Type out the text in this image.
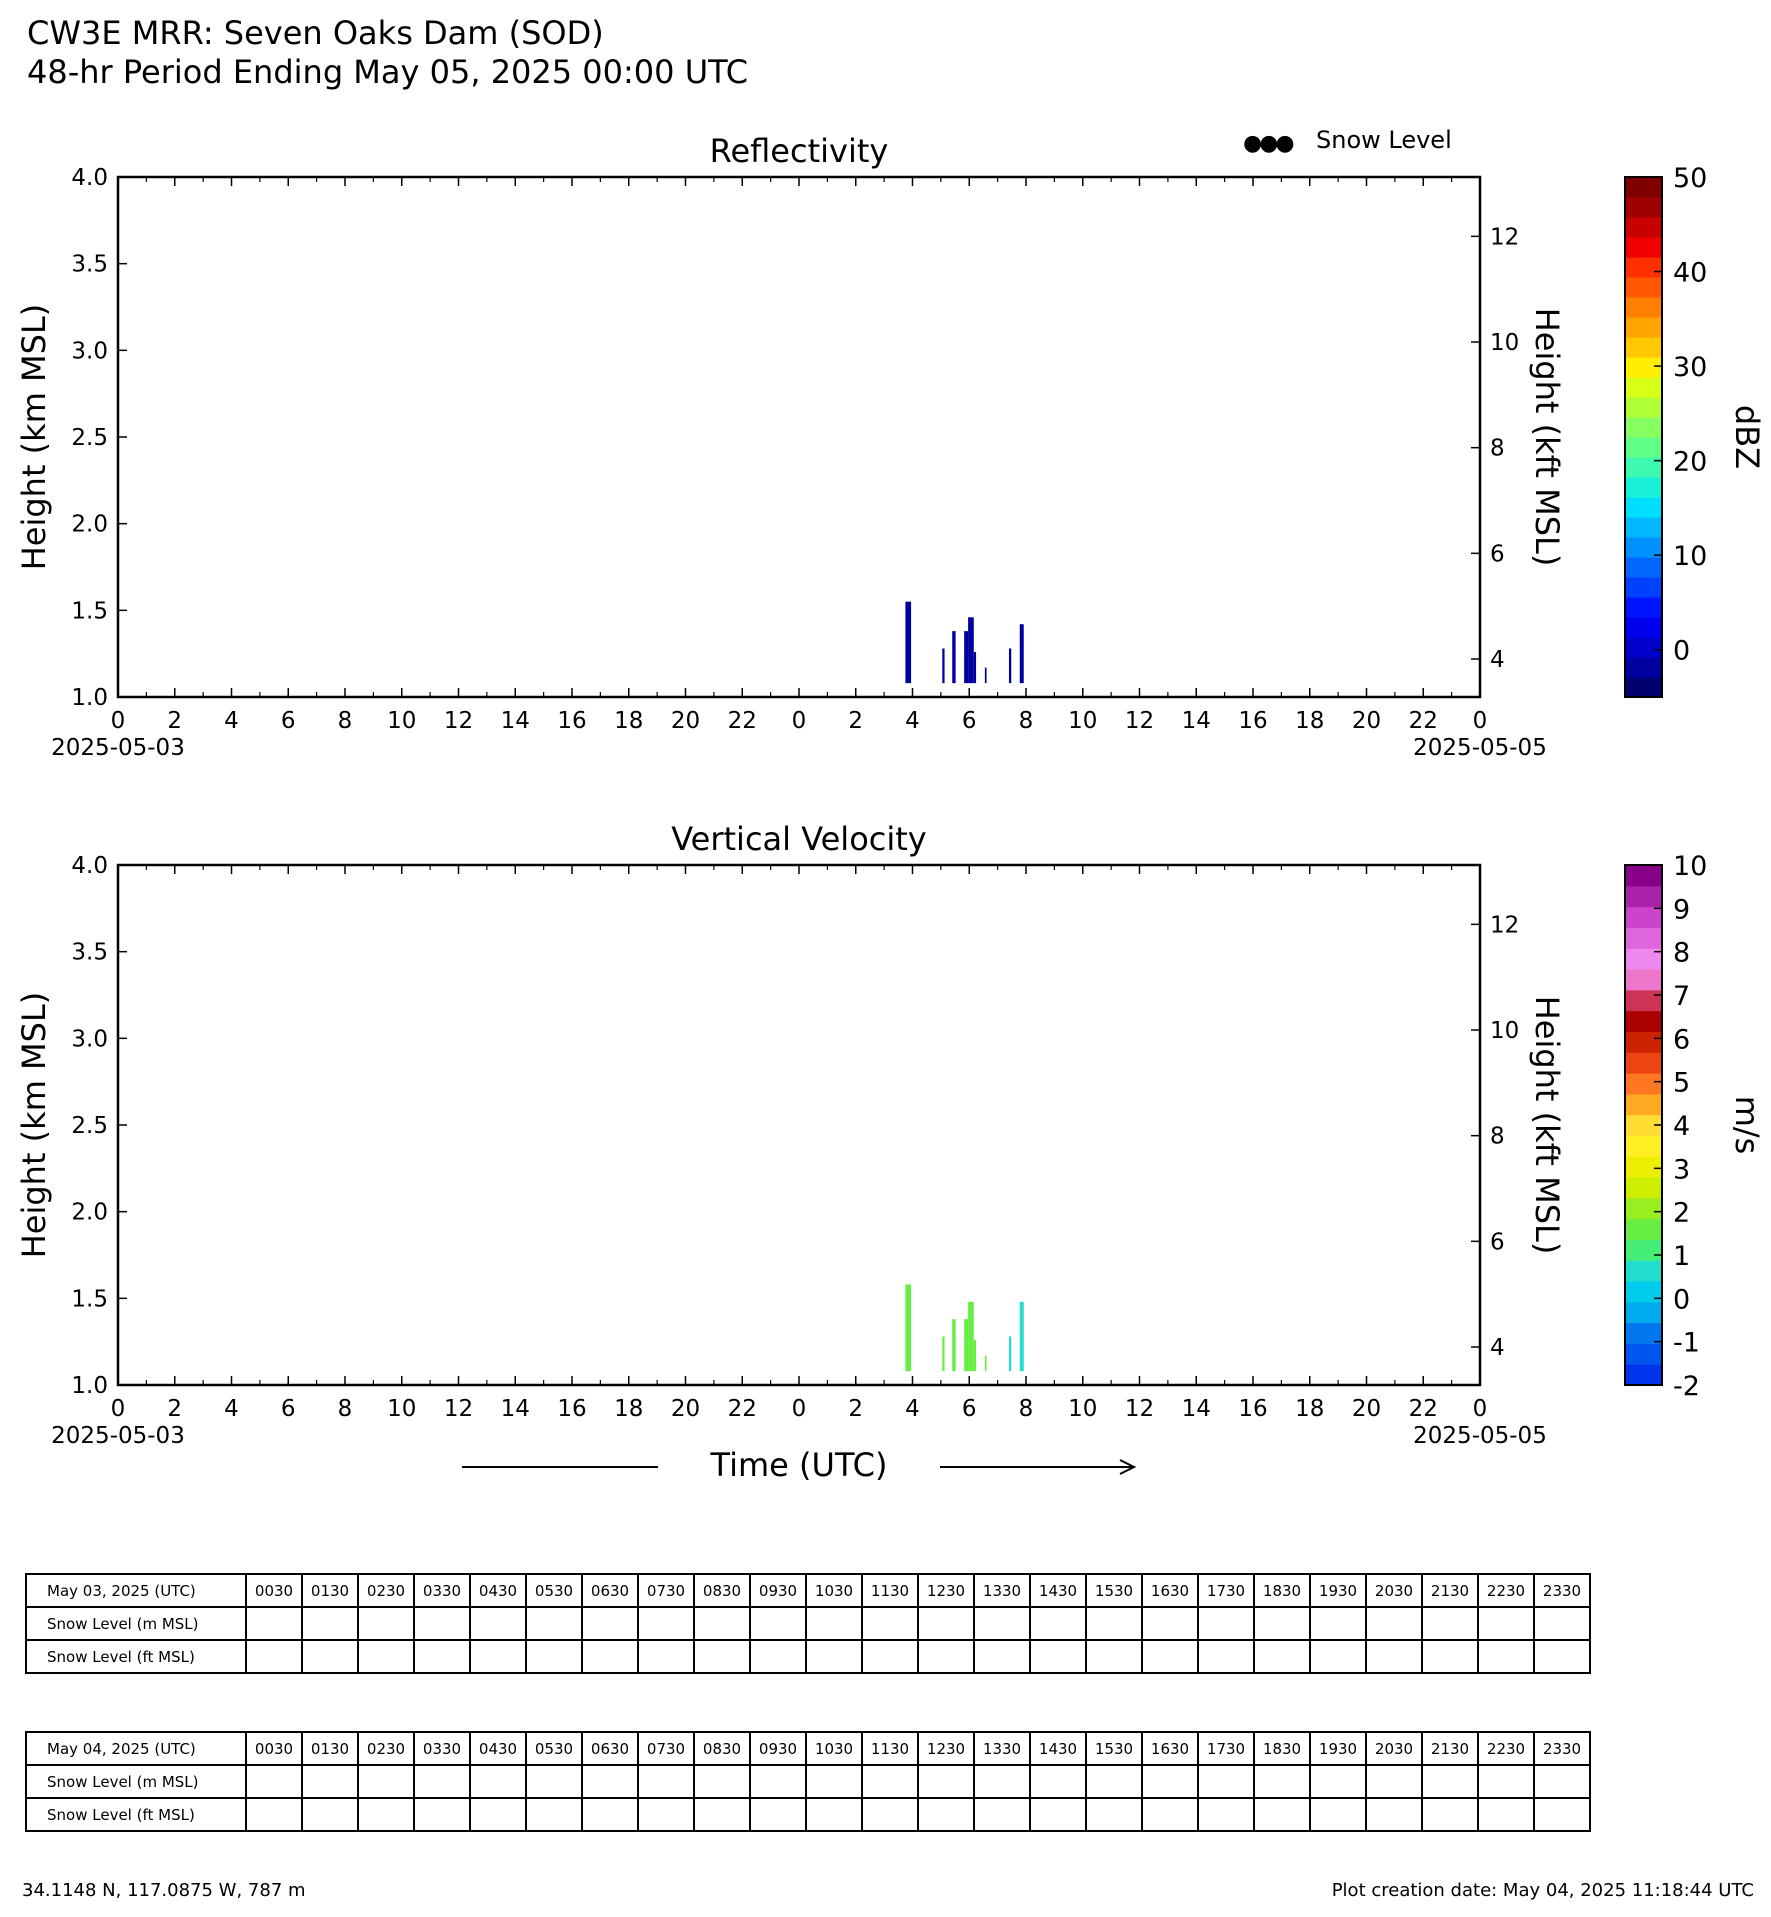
CW3E MRR: Seven Oaks Dam (SOD)
48-hr Period Ending May 05, 2025 00:00 UTC
Reflectivity
1.0
1.5
2.0
2.5
3.0
3.5
4.0
4
6
8
10
12
0 2 4 6 8 10 12 14 16 18 20 22 0 2 4 6 8 10 12 14 16 18 20 22 0
2025-05-03	2025-05-05
Height (km MSL)	Height (kft MSL)
0
10
20
30
40
50
dBZ
Vertical Velocity
1.0
1.5
2.0
2.5
3.0
3.5
4.0
4
6
8
10
12
0 2 4 6 8 10 12 14 16 18 20 22 0 2 4 6 8 10 12 14 16 18 20 22 0
2025-05-03	2025-05-05
Height (km MSL)	Height (kft MSL)
-2
-1
0
1
2
3
4
5
6
7
8
9
10
m/s
●●● Snow Level
Time (UTC)
May 03, 2025 (UTC)	0030	0130	0230	0330	0430	0530	0630	0730	0830	0930	1030	1130	1230	1330	1430	1530	1630	1730	1830	1930	2030	2130	2230	2330
Snow Level (m MSL)																								
Snow Level (ft MSL)																								
May 04, 2025 (UTC)	0030	0130	0230	0330	0430	0530	0630	0730	0830	0930	1030	1130	1230	1330	1430	1530	1630	1730	1830	1930	2030	2130	2230	2330
Snow Level (m MSL)																								
Snow Level (ft MSL)																								
34.1148 N, 117.0875 W, 787 m	Plot creation date: May 04, 2025 11:18:44 UTC
